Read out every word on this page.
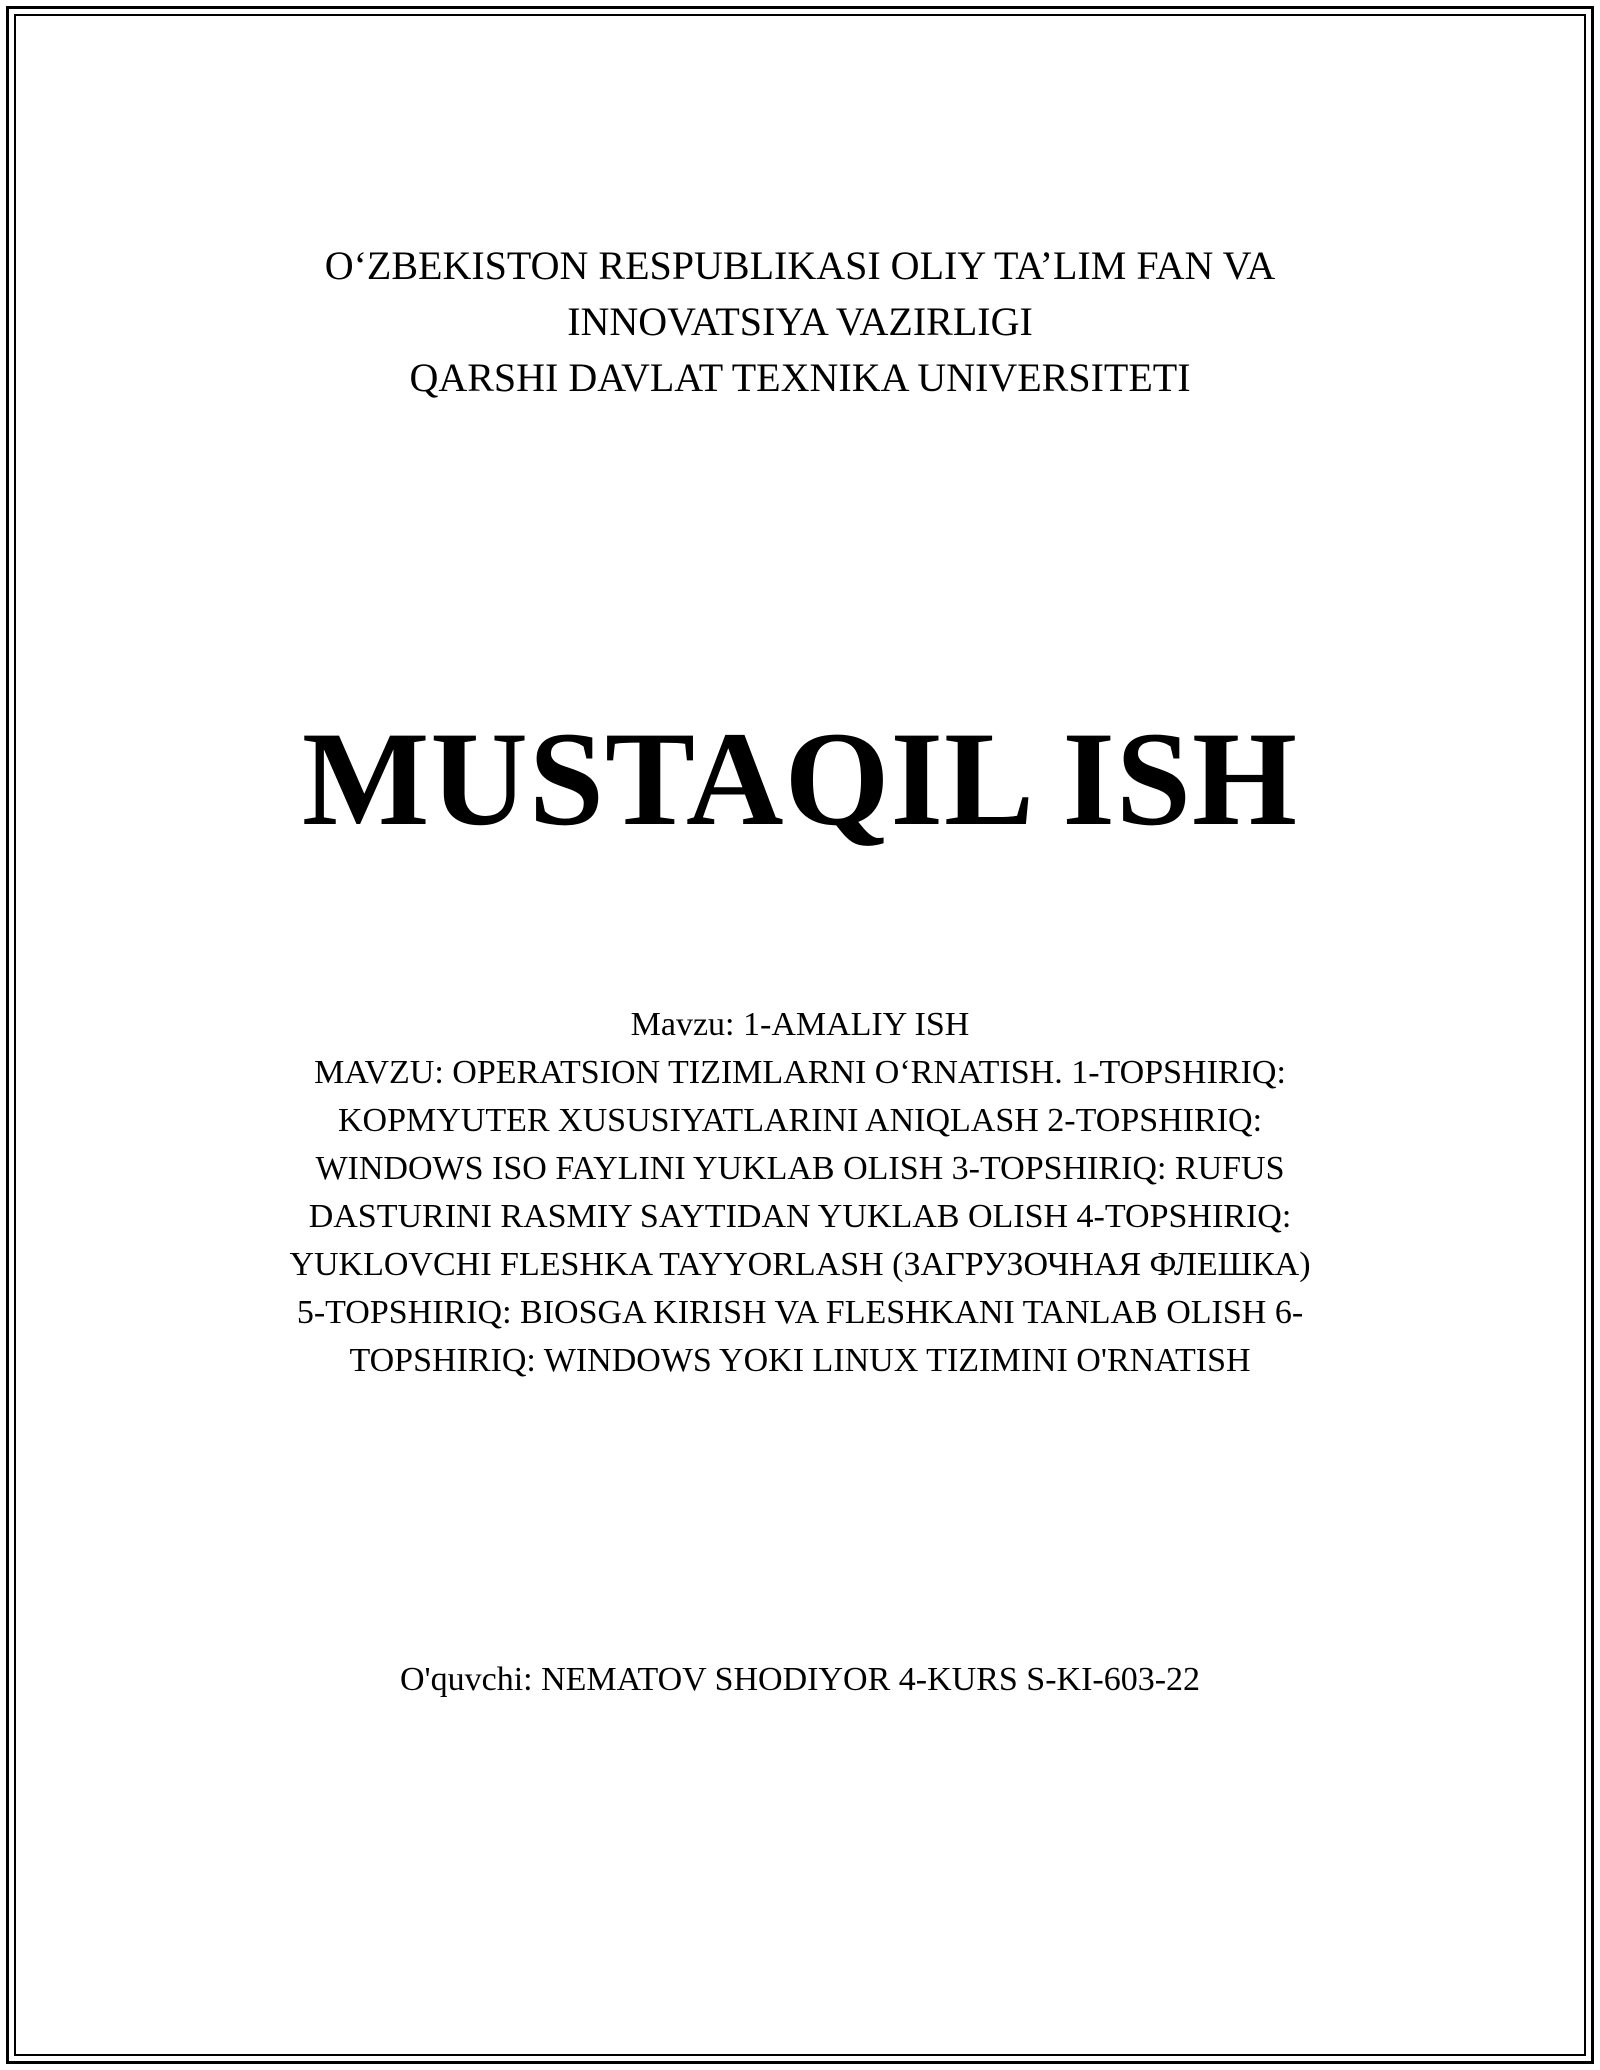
O‘ZBEKISTON RESPUBLIKASI OLIY TA’LIM FAN VA
INNOVATSIYA VAZIRLIGI
QARSHI DAVLAT TEXNIKA UNIVERSITETI
MUSTAQIL ISH
Mavzu: 1-AMALIY ISH
MAVZU: OPERATSION TIZIMLARNI O‘RNATISH. 1-TOPSHIRIQ:
KOPMYUTER XUSUSIYATLARINI ANIQLASH 2-TOPSHIRIQ:
WINDOWS ISO FAYLINI YUKLAB OLISH 3-TOPSHIRIQ: RUFUS
DASTURINI RASMIY SAYTIDAN YUKLAB OLISH 4-TOPSHIRIQ:
YUKLOVCHI FLESHKA TAYYORLASH (ЗАГРУЗОЧНАЯ ФЛЕШКА)
5-TOPSHIRIQ: BIOSGA KIRISH VA FLESHKANI TANLAB OLISH 6-
TOPSHIRIQ: WINDOWS YOKI LINUX TIZIMINI O'RNATISH
O'quvchi: NEMATOV SHODIYOR 4-KURS S-KI-603-22
